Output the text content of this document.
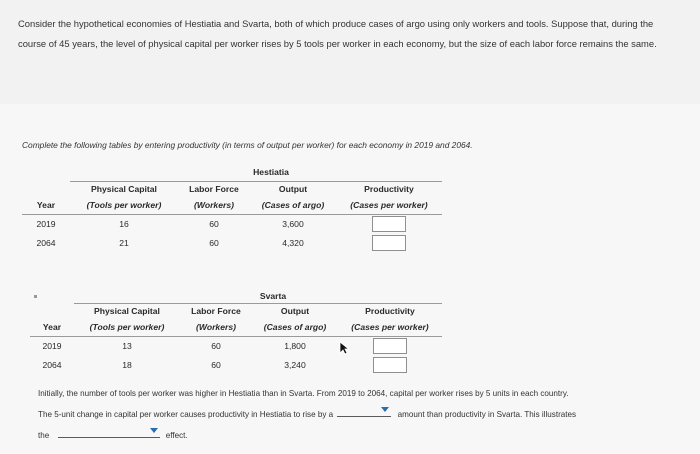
Consider the hypothetical economies of Hestiatia and Svarta, both of which produce cases of argo using only workers and tools. Suppose that, during the course of 45 years, the level of physical capital per worker rises by 5 tools per worker in each economy, but the size of each labor force remains the same.

Complete the following tables by entering productivity (in terms of output per worker) for each economy in 2019 and 2064.
	Hestiatia			
	Physical Capital	Labor Force	Output	Productivity
Year	(Tools per worker)	(Workers)	(Cases of argo)	(Cases per worker)
2019	16	60	3,600	
2064	21	60	4,320	
	Svarta			
	Physical Capital	Labor Force	Output	Productivity
Year	(Tools per worker)	(Workers)	(Cases of argo)	(Cases per worker)
2019	13	60	1,800	
2064	18	60	3,240	
Initially, the number of tools per worker was higher in Hestiatia than in Svarta. From 2019 to 2064, capital per worker rises by 5 units in each country.
The 5-unit change in capital per worker causes productivity in Hestiatia to rise by a	amount than productivity in Svarta. This illustrates
the	effect.
